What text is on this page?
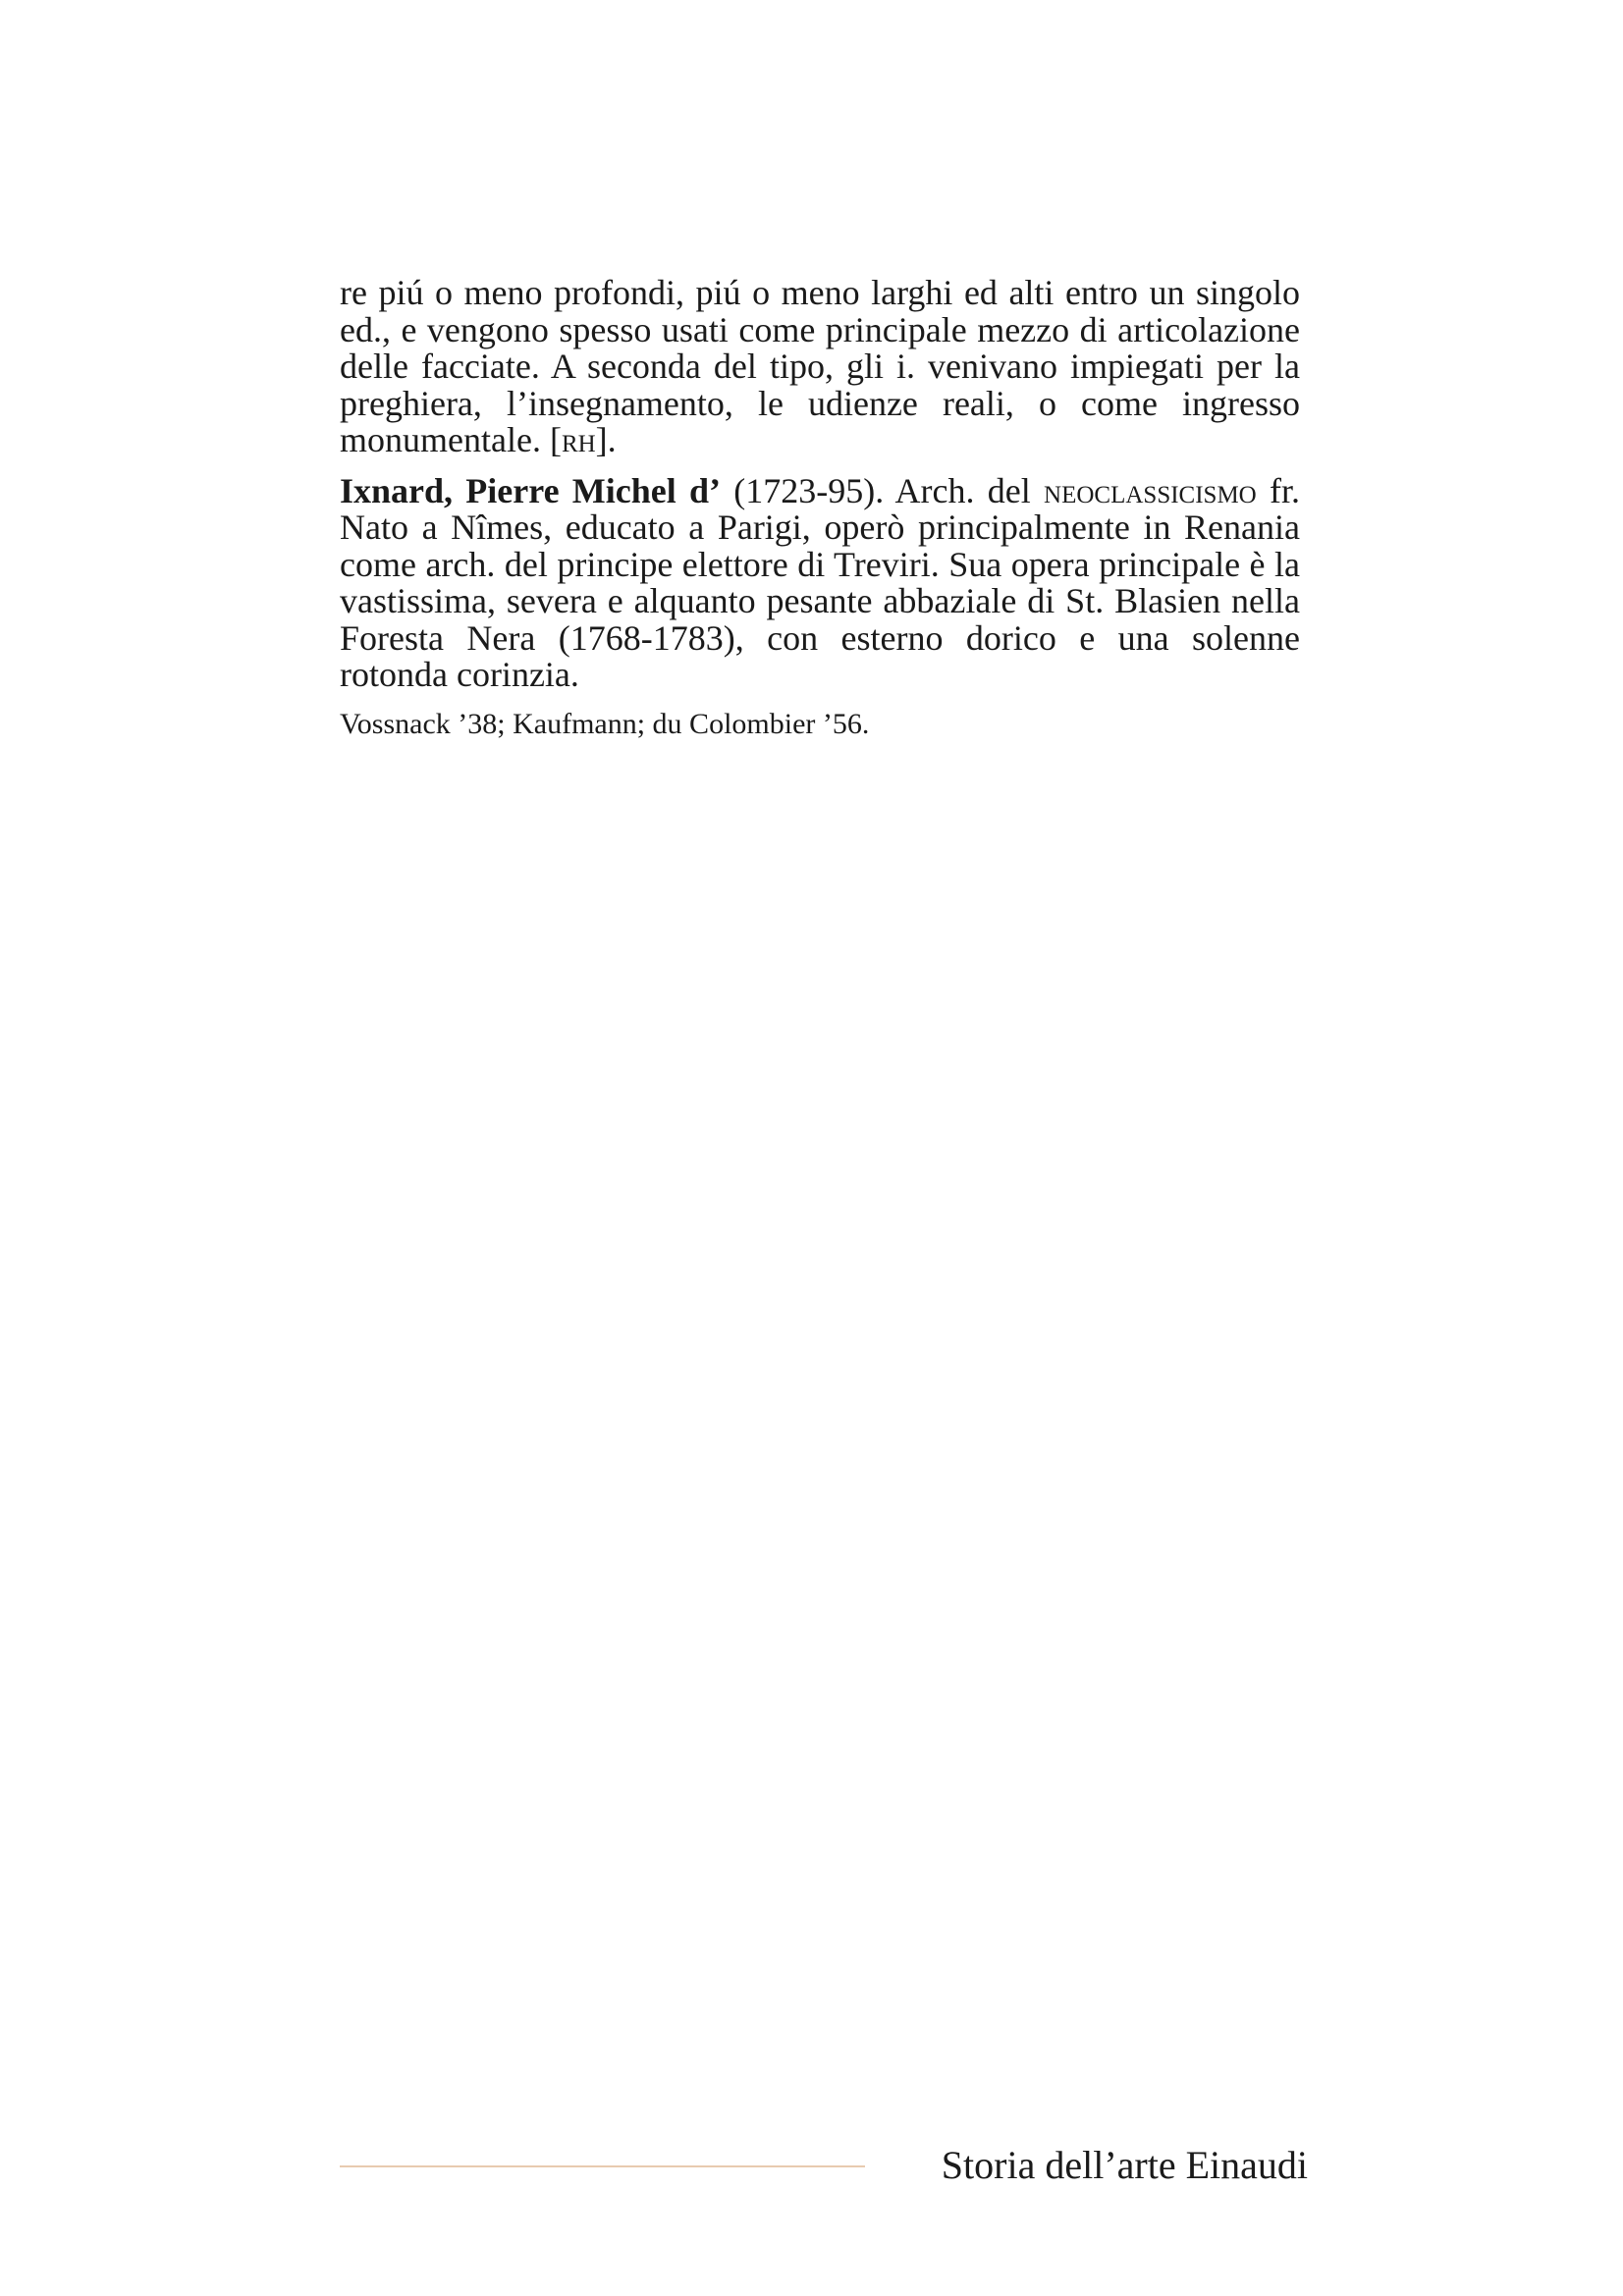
re piú o meno profondi, piú o meno larghi ed alti entro un singolo ed., e vengono spesso usati come principale mezzo di articolazione delle facciate. A seconda del tipo, gli i. venivano impiegati per la preghiera, l’insegnamento, le udienze reali, o come ingresso monumentale. [rh].

Ixnard, Pierre Michel d’ (1723-95). Arch. del neoclassicismo fr. Nato a Nîmes, educato a Parigi, operò principalmente in Renania come arch. del principe elettore di Treviri. Sua opera principale è la vastissima, severa e alquanto pesante abbaziale di St. Blasien nella Foresta Nera (1768-1783), con esterno dorico e una solenne rotonda corinzia.

Vossnack ’38; Kaufmann; du Colombier ’56.

Storia dell’arte Einaudi
